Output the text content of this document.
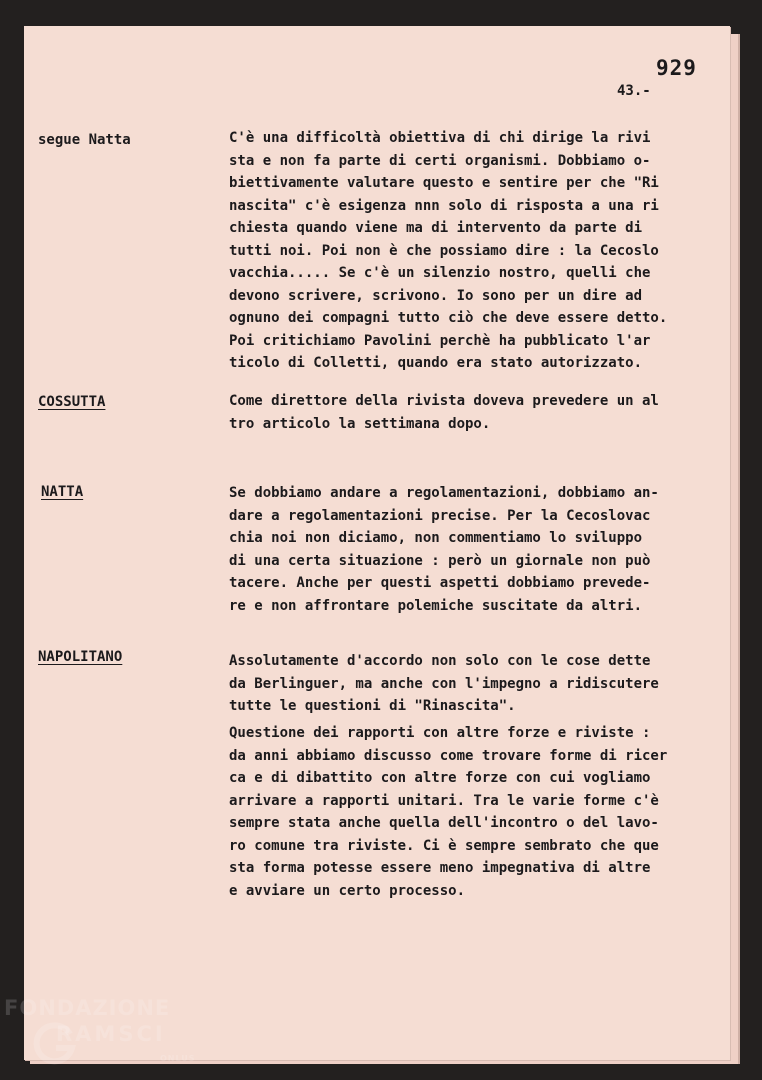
929
43.-
segue Natta	C'è una difficoltà obiettiva di chi dirige la rivi
sta e non fa parte di certi organismi. Dobbiamo o-
biettivamente valutare questo e sentire per che "Ri
nascita" c'è esigenza nnn solo di risposta a una ri
chiesta quando viene ma di intervento da parte di
tutti noi. Poi non è che possiamo dire : la Cecoslo
vacchia..... Se c'è un silenzio nostro, quelli che
devono scrivere, scrivono. Io sono per un dire ad
ognuno dei compagni tutto ciò che deve essere detto.
Poi critichiamo Pavolini perchè ha pubblicato l'ar
ticolo di Colletti, quando era stato autorizzato.
COSSUTTA	Come direttore della rivista doveva prevedere un al
tro articolo la settimana dopo.
NATTA	Se dobbiamo andare a regolamentazioni, dobbiamo an-
dare a regolamentazioni precise. Per la Cecoslovac
chia noi non diciamo, non commentiamo lo sviluppo
di una certa situazione : però un giornale non può
tacere. Anche per questi aspetti dobbiamo prevede-
re e non affrontare polemiche suscitate da altri.
NAPOLITANO	Assolutamente d'accordo non solo con le cose dette
da Berlinguer, ma anche con l'impegno a ridiscutere
tutte le questioni di "Rinascita".
Questione dei rapporti con altre forze e riviste :
da anni abbiamo discusso come trovare forme di ricer
ca e di dibattito con altre forze con cui vogliamo
arrivare a rapporti unitari. Tra le varie forme c'è
sempre stata anche quella dell'incontro o del lavo-
ro comune tra riviste. Ci è sempre sembrato che que
sta forma potesse essere meno impegnativa di altre
e avviare un certo processo.
FONDAZIONE
RAMSCI
ONLUS
